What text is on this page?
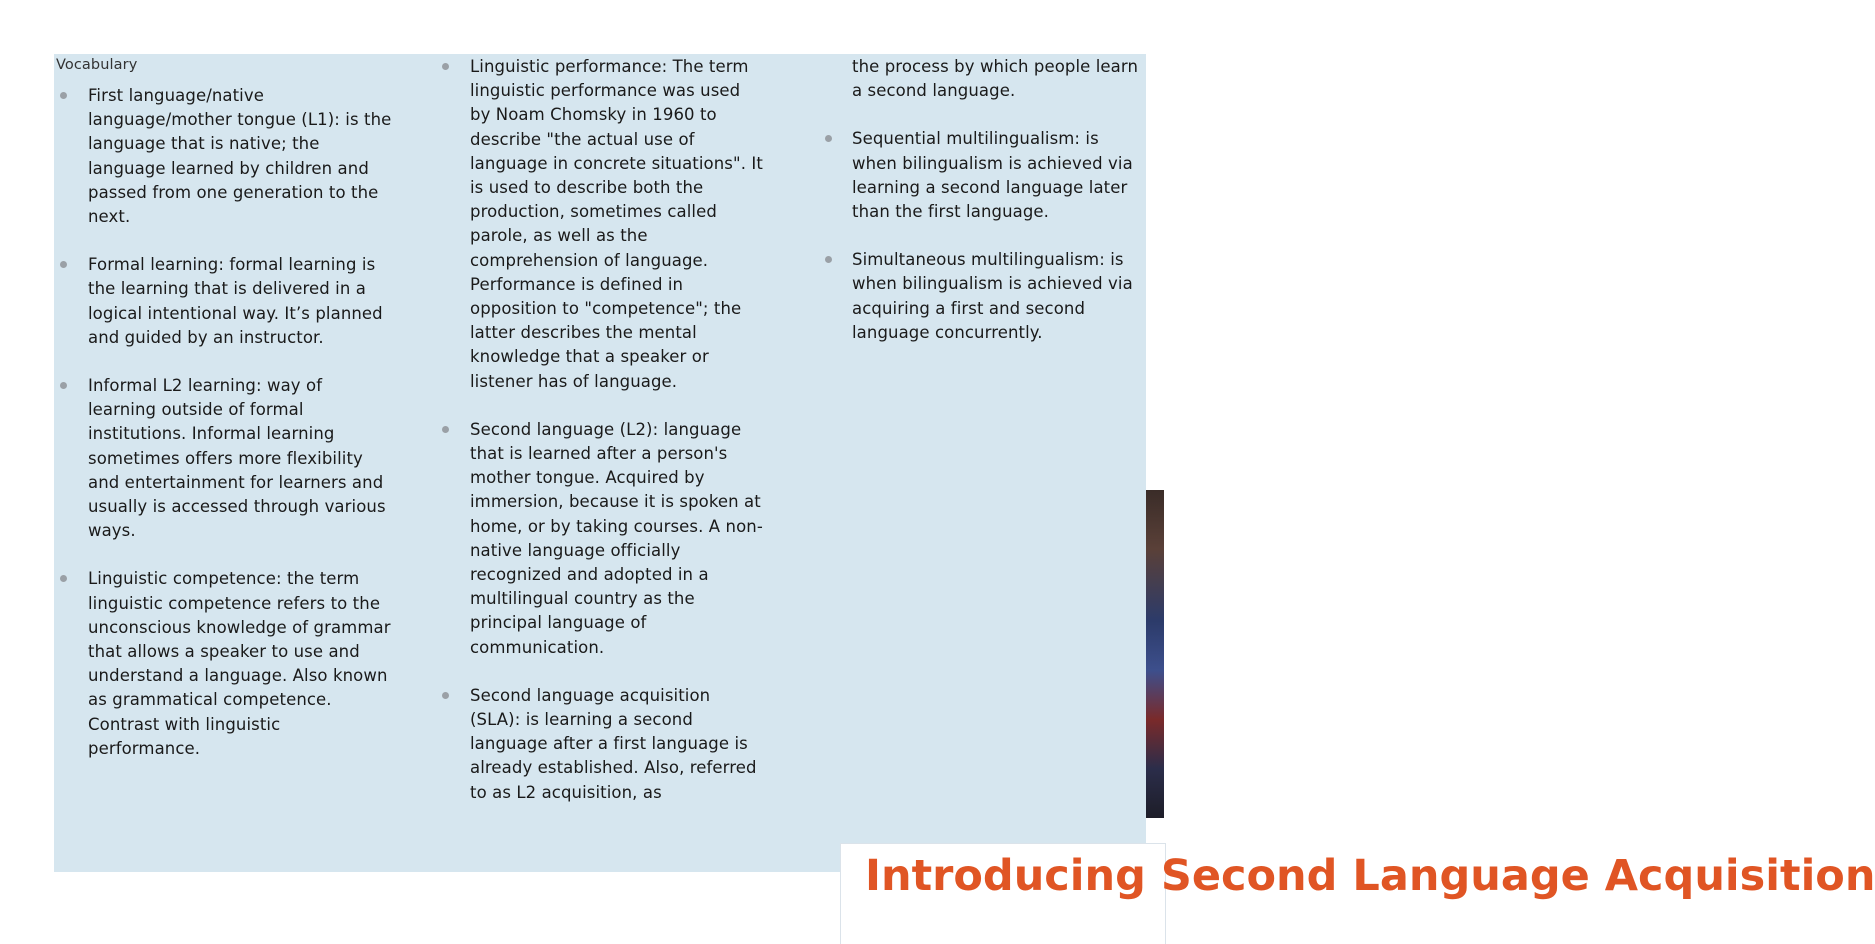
Vocabulary
First language/native language/mother tongue (L1): is the language that is native; the language learned by children and passed from one generation to the next.
Formal learning: formal learning is the learning that is delivered in a logical intentional way. It’s planned and guided by an instructor.
Informal L2 learning: way of learning outside of formal institutions. Informal learning sometimes offers more flexibility and entertainment for learners and usually is accessed through various ways.
Linguistic competence: the term linguistic competence refers to the unconscious knowledge of grammar that allows a speaker to use and understand a language. Also known as grammatical competence. Contrast with linguistic performance.
Linguistic performance: The term linguistic performance was used by Noam Chomsky in 1960 to describe "the actual use of language in concrete situations". It is used to describe both the production, sometimes called parole, as well as the comprehension of language. Performance is defined in opposition to "competence"; the latter describes the mental knowledge that a speaker or listener has of language.
Second language (L2): language that is learned after a person's mother tongue. Acquired by immersion, because it is spoken at home, or by taking courses. A non-native language officially recognized and adopted in a multilingual country as the principal language of communication.
Second language acquisition (SLA): is learning a second language after a first language is already established. Also, referred to as L2 acquisition, as
the process by which people learn a second language.
Sequential multilingualism: is when bilingualism is achieved via learning a second language later than the first language.
Simultaneous multilingualism: is when bilingualism is achieved via acquiring a first and second language concurrently.
Introducing Second Language Acquisition
